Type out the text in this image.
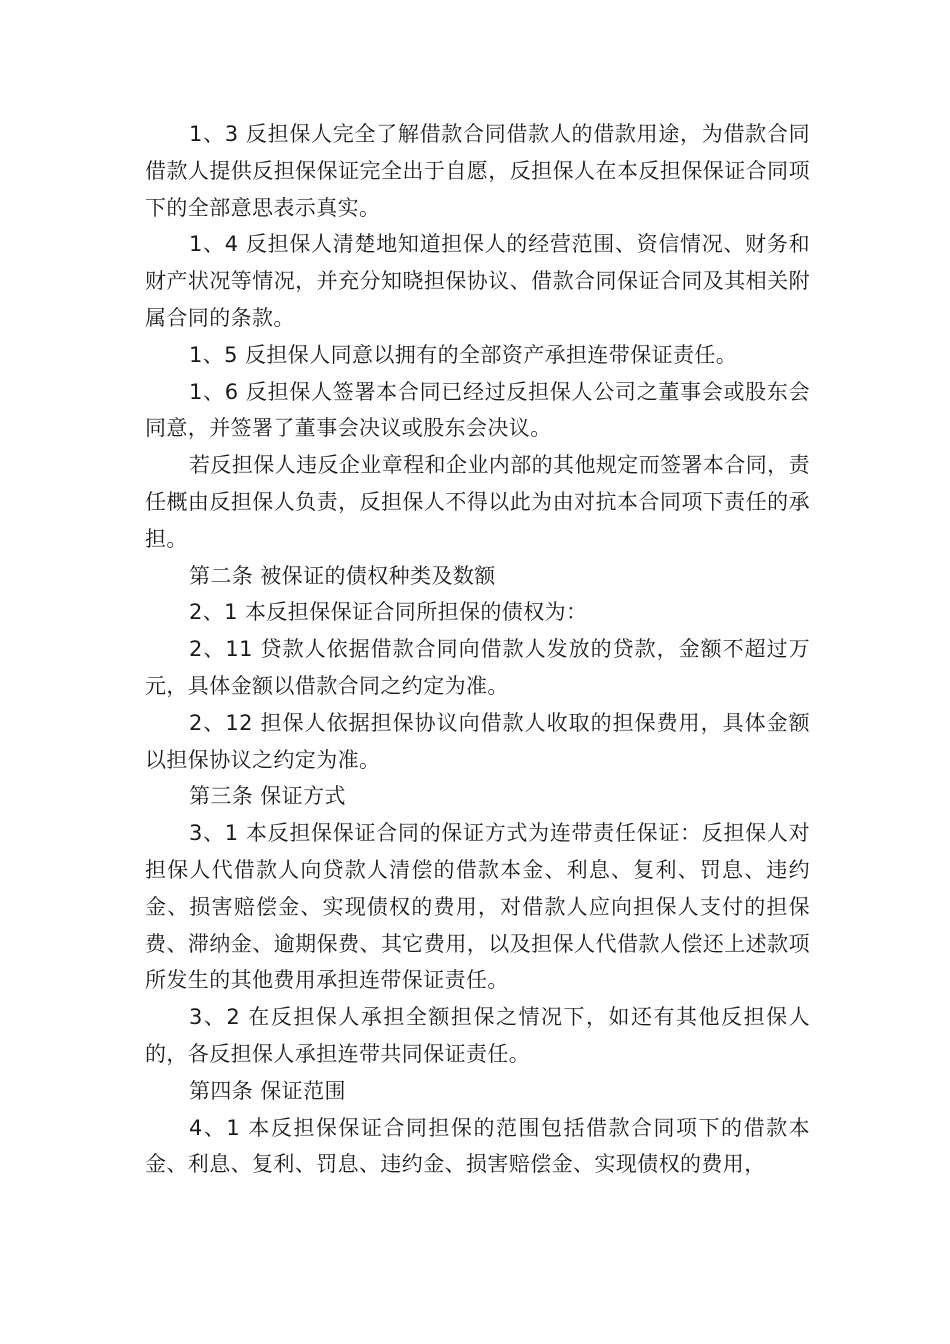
1、3 反担保人完全了解借款合同借款人的借款用途，为借款合同借款人提供反担保保证完全出于自愿，反担保人在本反担保保证合同项下的全部意思表示真实。

1、4 反担保人清楚地知道担保人的经营范围、资信情况、财务和财产状况等情况，并充分知晓担保协议、借款合同保证合同及其相关附属合同的条款。

1、5 反担保人同意以拥有的全部资产承担连带保证责任。

1、6 反担保人签署本合同已经过反担保人公司之董事会或股东会同意，并签署了董事会决议或股东会决议。

若反担保人违反企业章程和企业内部的其他规定而签署本合同，责任概由反担保人负责，反担保人不得以此为由对抗本合同项下责任的承担。

第二条 被保证的债权种类及数额

2、1 本反担保保证合同所担保的债权为：

2、11 贷款人依据借款合同向借款人发放的贷款，金额不超过万元，具体金额以借款合同之约定为准。

2、12 担保人依据担保协议向借款人收取的担保费用，具体金额以担保协议之约定为准。

第三条 保证方式

3、1 本反担保保证合同的保证方式为连带责任保证：反担保人对担保人代借款人向贷款人清偿的借款本金、利息、复利、罚息、违约金、损害赔偿金、实现债权的费用，对借款人应向担保人支付的担保费、滞纳金、逾期保费、其它费用，以及担保人代借款人偿还上述款项所发生的其他费用承担连带保证责任。

3、2 在反担保人承担全额担保之情况下，如还有其他反担保人的，各反担保人承担连带共同保证责任。

第四条 保证范围

4、1 本反担保保证合同担保的范围包括借款合同项下的借款本金、利息、复利、罚息、违约金、损害赔偿金、实现债权的费用，
